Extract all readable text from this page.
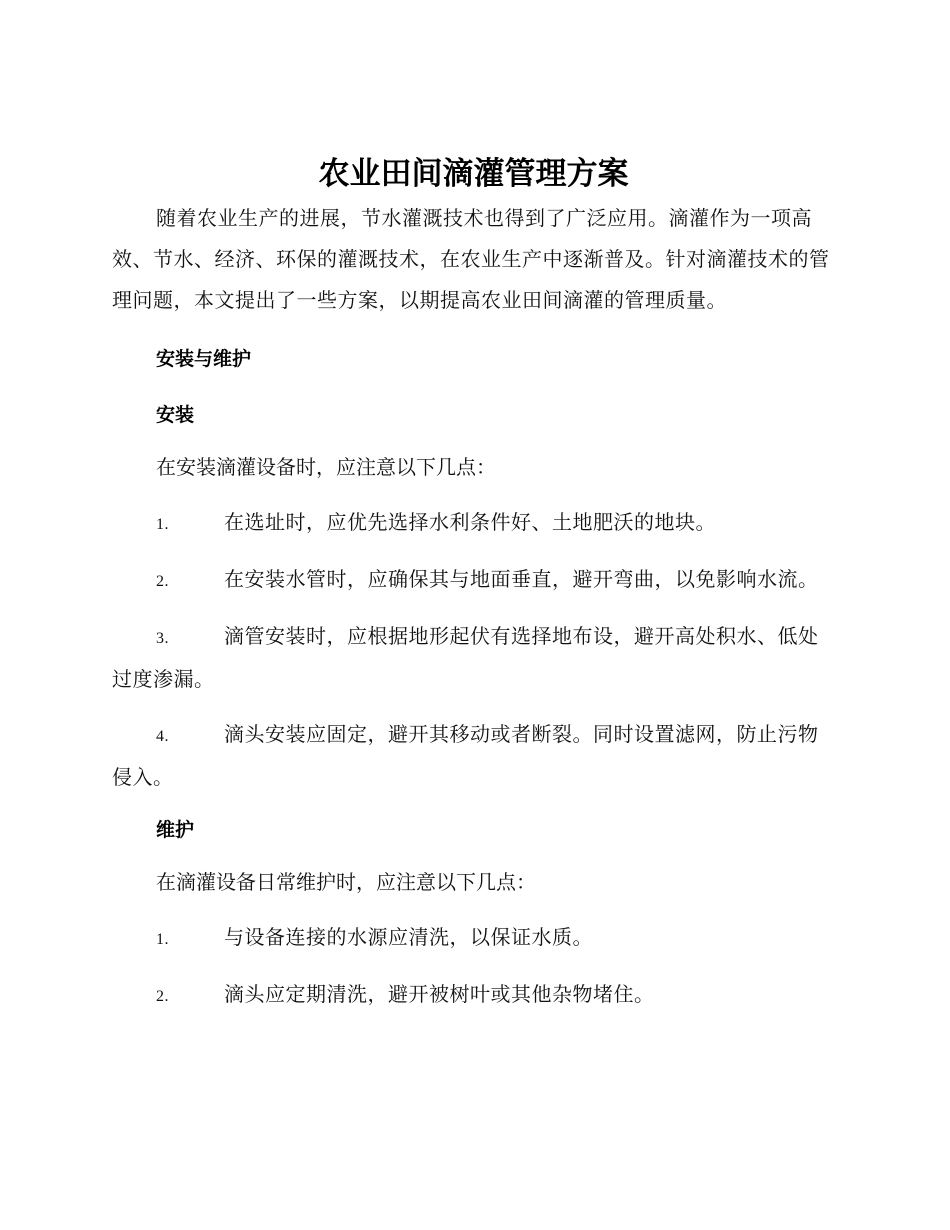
农业田间滴灌管理方案

随着农业生产的进展，节水灌溉技术也得到了广泛应用。滴灌作为一项高效、节水、经济、环保的灌溉技术，在农业生产中逐渐普及。针对滴灌技术的管理问题，本文提出了一些方案，以期提高农业田间滴灌的管理质量。

安装与维护

安装

在安装滴灌设备时，应注意以下几点：

1.	在选址时，应优先选择水利条件好、土地肥沃的地块。

2.	在安装水管时，应确保其与地面垂直，避开弯曲，以免影响水流。

3.	滴管安装时，应根据地形起伏有选择地布设，避开高处积水、低处过度渗漏。

4.	滴头安装应固定，避开其移动或者断裂。同时设置滤网，防止污物侵入。

维护

在滴灌设备日常维护时，应注意以下几点：

1.	与设备连接的水源应清洗，以保证水质。

2.	滴头应定期清洗，避开被树叶或其他杂物堵住。
